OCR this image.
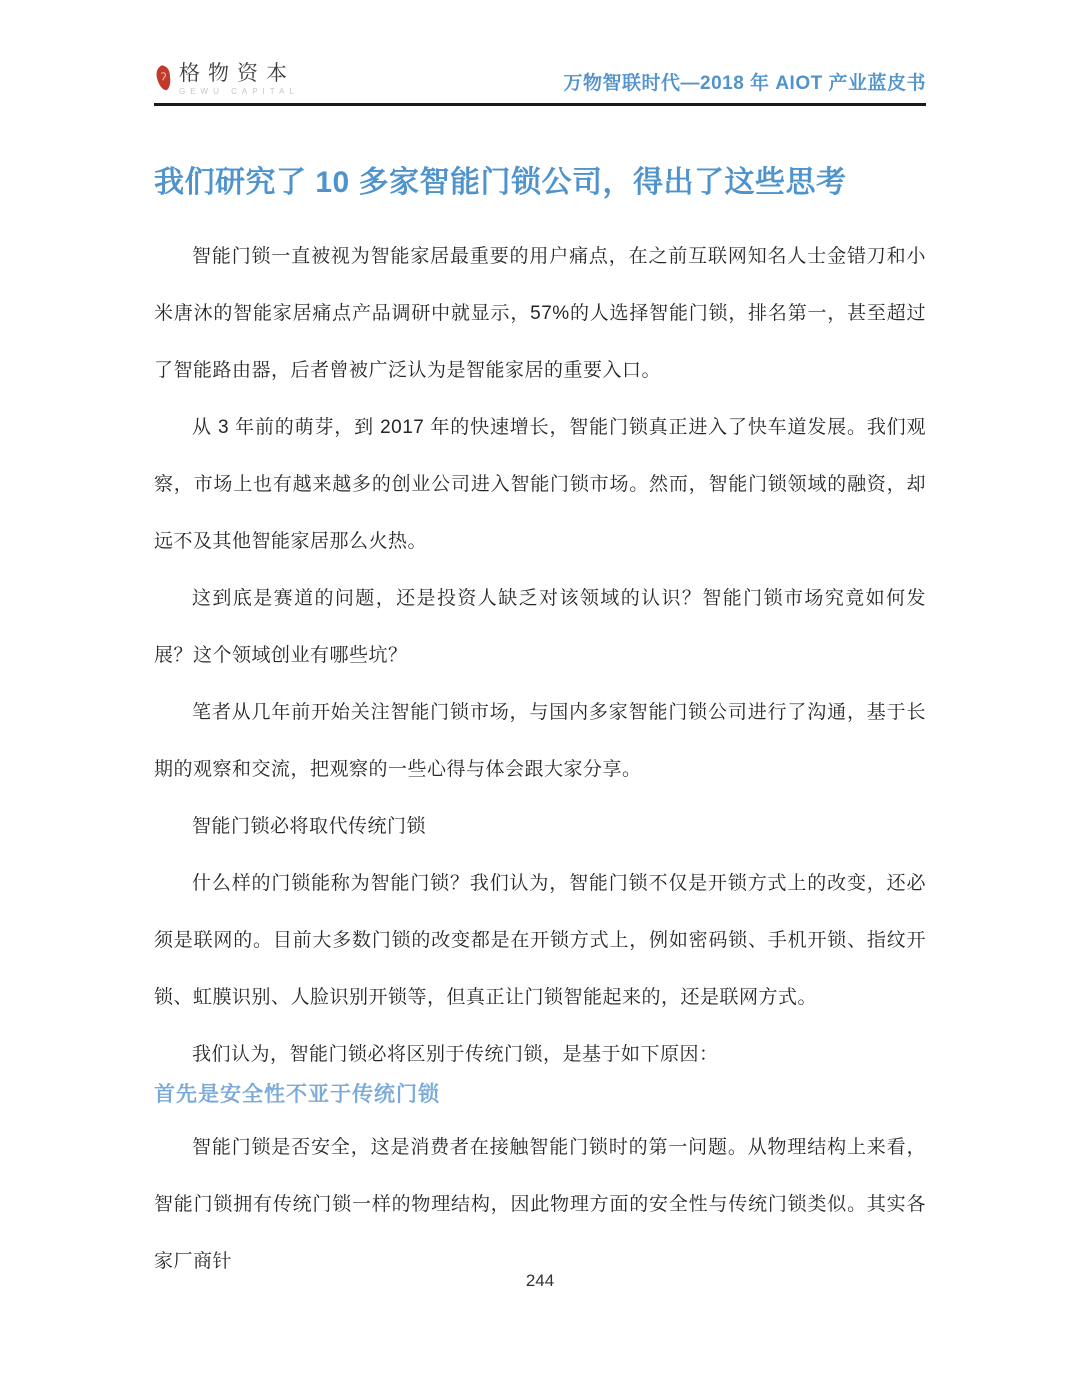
格物资本
GEWU CAPITAL	万物智联时代—2018 年 AIOT 产业蓝皮书
我们研究了 10 多家智能门锁公司，得出了这些思考

智能门锁一直被视为智能家居最重要的用户痛点，在之前互联网知名人士金错刀和小米唐沐的智能家居痛点产品调研中就显示，57%的人选择智能门锁，排名第一，甚至超过了智能路由器，后者曾被广泛认为是智能家居的重要入口。

从 3 年前的萌芽，到 2017 年的快速增长，智能门锁真正进入了快车道发展。我们观察，市场上也有越来越多的创业公司进入智能门锁市场。然而，智能门锁领域的融资，却远不及其他智能家居那么火热。

这到底是赛道的问题，还是投资人缺乏对该领域的认识？智能门锁市场究竟如何发展？这个领域创业有哪些坑？

笔者从几年前开始关注智能门锁市场，与国内多家智能门锁公司进行了沟通，基于长期的观察和交流，把观察的一些心得与体会跟大家分享。

智能门锁必将取代传统门锁

什么样的门锁能称为智能门锁？我们认为，智能门锁不仅是开锁方式上的改变，还必须是联网的。目前大多数门锁的改变都是在开锁方式上，例如密码锁、手机开锁、指纹开锁、虹膜识别、人脸识别开锁等，但真正让门锁智能起来的，还是联网方式。

我们认为，智能门锁必将区别于传统门锁，是基于如下原因：

首先是安全性不亚于传统门锁

智能门锁是否安全，这是消费者在接触智能门锁时的第一问题。从物理结构上来看，智能门锁拥有传统门锁一样的物理结构，因此物理方面的安全性与传统门锁类似。其实各家厂商针

244
